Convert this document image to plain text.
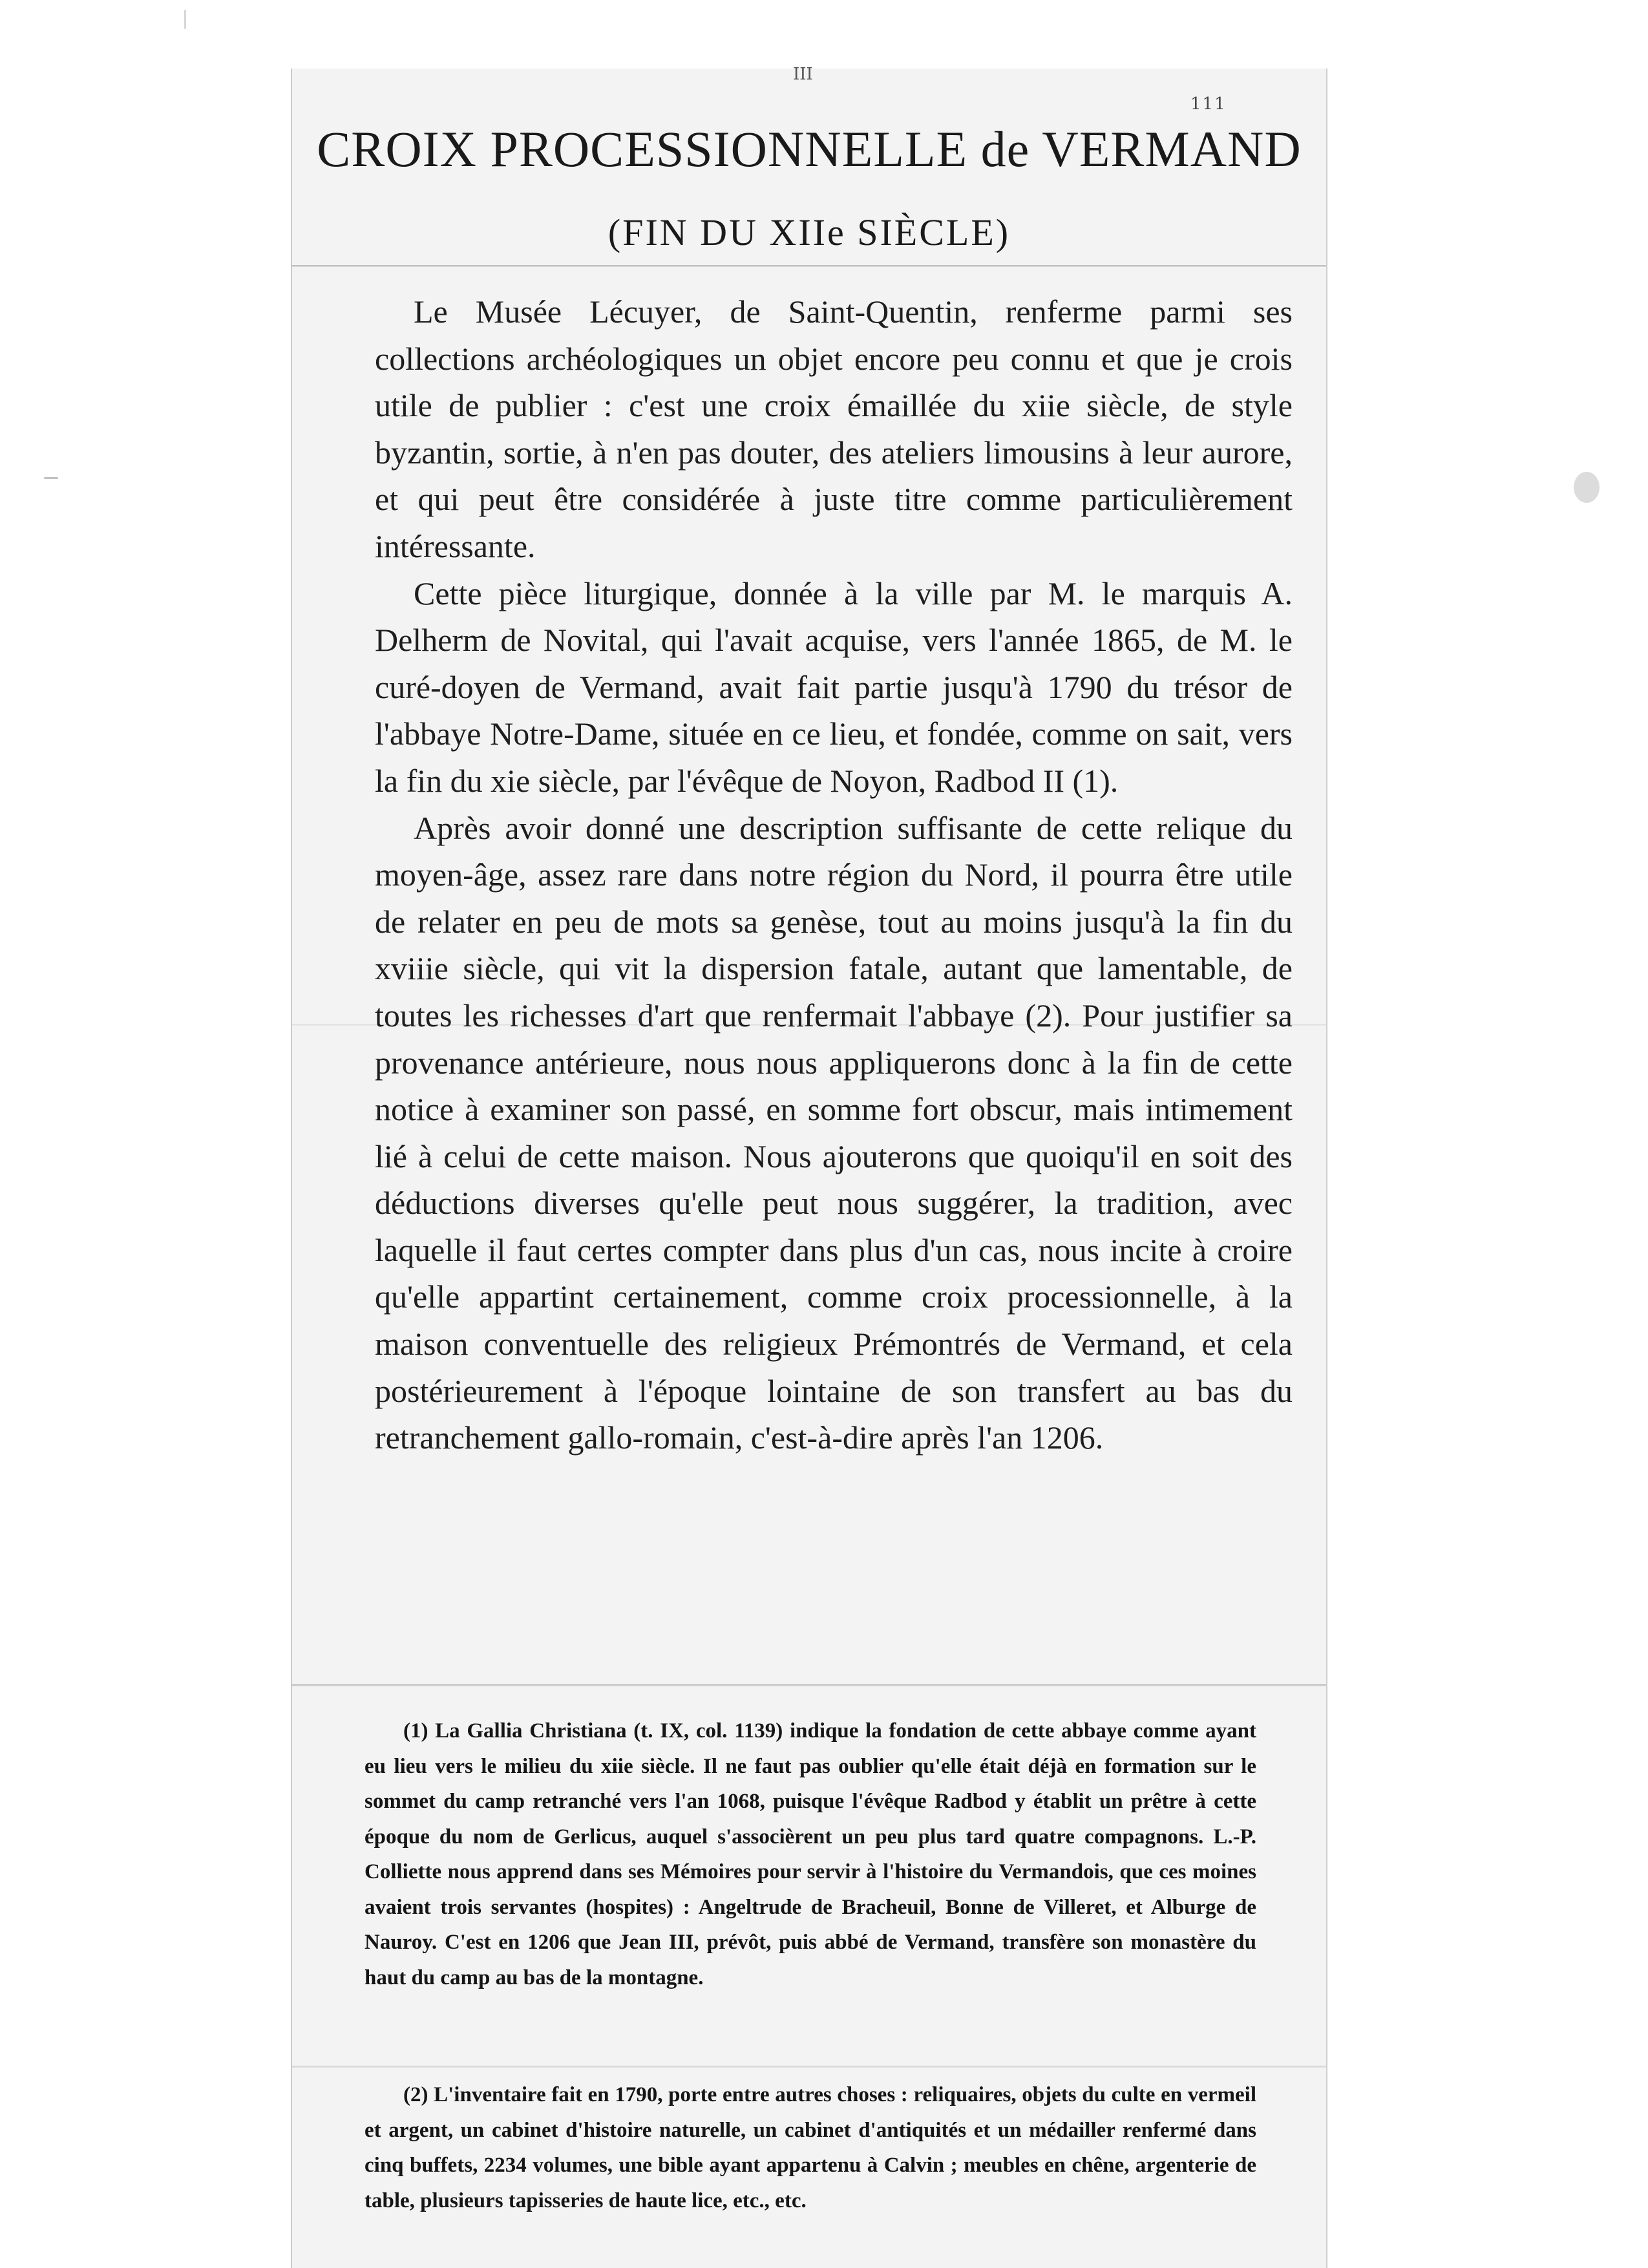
III
111
CROIX PROCESSIONNELLE de VERMAND
(FIN DU XIIe SIÈCLE)

Le Musée Lécuyer, de Saint-Quentin, renferme parmi ses collections archéologiques un objet encore peu connu et que je crois utile de publier : c'est une croix émaillée du xiie siècle, de style byzantin, sortie, à n'en pas douter, des ateliers limousins à leur aurore, et qui peut être considérée à juste titre comme particulièrement intéressante.

Cette pièce liturgique, donnée à la ville par M. le marquis A. Delherm de Novital, qui l'avait acquise, vers l'année 1865, de M. le curé-doyen de Vermand, avait fait partie jusqu'à 1790 du trésor de l'abbaye Notre-Dame, située en ce lieu, et fondée, comme on sait, vers la fin du xie siècle, par l'évêque de Noyon, Radbod II (1).

Après avoir donné une description suffisante de cette relique du moyen-âge, assez rare dans notre région du Nord, il pourra être utile de relater en peu de mots sa genèse, tout au moins jusqu'à la fin du xviiie siècle, qui vit la dispersion fatale, autant que lamentable, de toutes les richesses d'art que renfermait l'abbaye (2). Pour justifier sa provenance antérieure, nous nous appliquerons donc à la fin de cette notice à examiner son passé, en somme fort obscur, mais intimement lié à celui de cette maison. Nous ajouterons que quoiqu'il en soit des déductions diverses qu'elle peut nous suggérer, la tradition, avec laquelle il faut certes compter dans plus d'un cas, nous incite à croire qu'elle appartint certainement, comme croix processionnelle, à la maison conventuelle des religieux Prémontrés de Vermand, et cela postérieurement à l'époque lointaine de son transfert au bas du retranchement gallo-romain, c'est-à-dire après l'an 1206.

(1) La Gallia Christiana (t. IX, col. 1139) indique la fondation de cette abbaye comme ayant eu lieu vers le milieu du xiie siècle. Il ne faut pas oublier qu'elle était déjà en formation sur le sommet du camp retranché vers l'an 1068, puisque l'évêque Radbod y établit un prêtre à cette époque du nom de Gerlicus, auquel s'associèrent un peu plus tard quatre compagnons. L.-P. Colliette nous apprend dans ses Mémoires pour servir à l'histoire du Vermandois, que ces moines avaient trois servantes (hospites) : Angeltrude de Bracheuil, Bonne de Villeret, et Alburge de Nauroy. C'est en 1206 que Jean III, prévôt, puis abbé de Vermand, transfère son monastère du haut du camp au bas de la montagne.

(2) L'inventaire fait en 1790, porte entre autres choses : reliquaires, objets du culte en vermeil et argent, un cabinet d'histoire naturelle, un cabinet d'antiquités et un médailler renfermé dans cinq buffets, 2234 volumes, une bible ayant appartenu à Calvin ; meubles en chêne, argenterie de table, plusieurs tapisseries de haute lice, etc., etc.
